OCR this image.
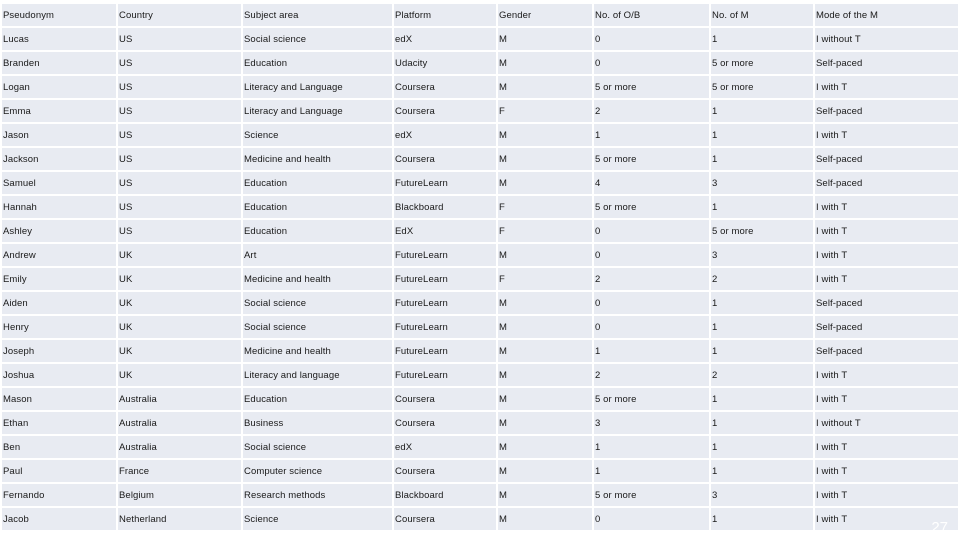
Pseudonym	Country	Subject area	Platform	Gender	No. of O/B	No. of M	Mode of the M
Lucas	US	Social science	edX	M	0	1	I without T
Branden	US	Education	Udacity	M	0	5 or more	Self-paced
Logan	US	Literacy and Language	Coursera	M	5 or more	5 or more	I with T
Emma	US	Literacy and Language	Coursera	F	2	1	Self-paced
Jason	US	Science	edX	M	1	1	I with T
Jackson	US	Medicine and health	Coursera	M	5 or more	1	Self-paced
Samuel	US	Education	FutureLearn	M	4	3	Self-paced
Hannah	US	Education	Blackboard	F	5 or more	1	I with T
Ashley	US	Education	EdX	F	0	5 or more	I with T
Andrew	UK	Art	FutureLearn	M	0	3	I with T
Emily	UK	Medicine and health	FutureLearn	F	2	2	I with T
Aiden	UK	Social science	FutureLearn	M	0	1	Self-paced
Henry	UK	Social science	FutureLearn	M	0	1	Self-paced
Joseph	UK	Medicine and health	FutureLearn	M	1	1	Self-paced
Joshua	UK	Literacy and language	FutureLearn	M	2	2	I with T
Mason	Australia	Education	Coursera	M	5 or more	1	I with T
Ethan	Australia	Business	Coursera	M	3	1	I without T
Ben	Australia	Social science	edX	M	1	1	I with T
Paul	France	Computer science	Coursera	M	1	1	I with T
Fernando	Belgium	Research methods	Blackboard	M	5 or more	3	I with T
Jacob	Netherland	Science	Coursera	M	0	1	I with T	27
